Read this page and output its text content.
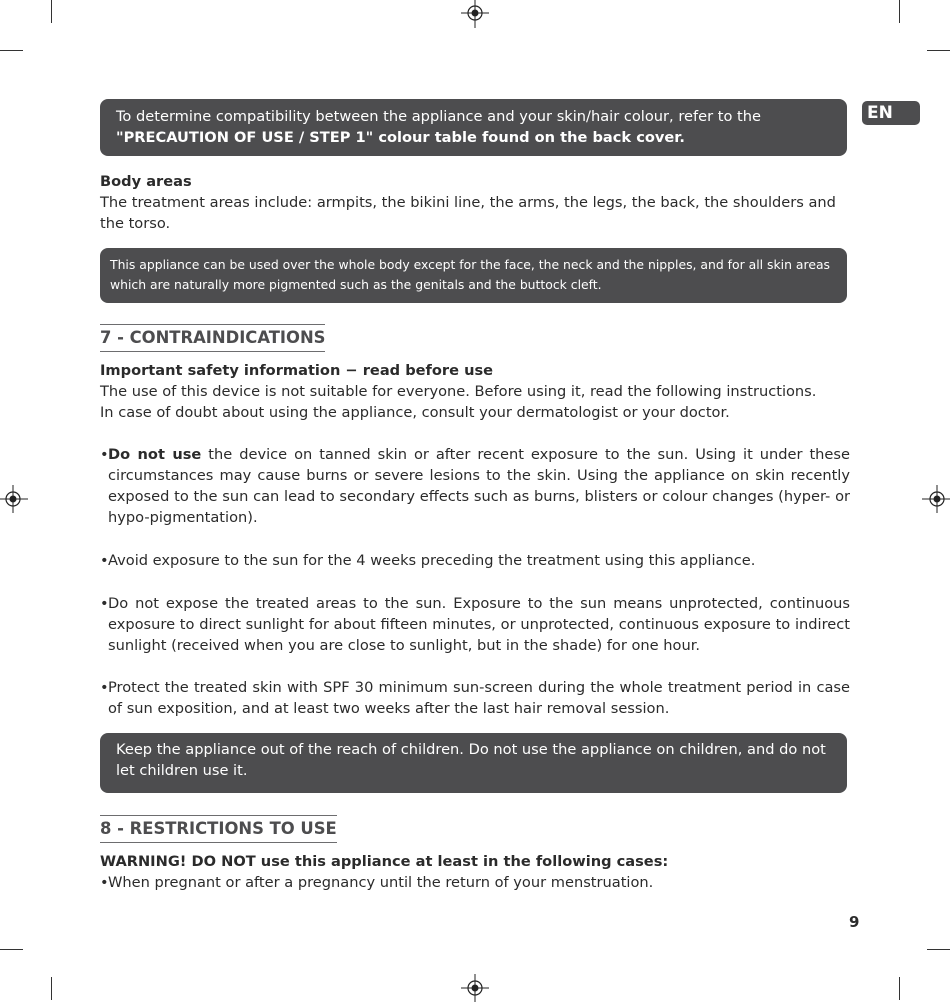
EN

To determine compatibility between the appliance and your skin/hair colour, refer to the

"PRECAUTION OF USE / STEP 1" colour table found on the back cover.

Body areas

The treatment areas include: armpits, the bikini line, the arms, the legs, the back, the shoulders and the torso.

This appliance can be used over the whole body except for the face, the neck and the nipples, and for all skin areas which are naturally more pigmented such as the genitals and the buttock cleft.

7 - CONTRAINDICATIONS

Important safety information − read before use

The use of this device is not suitable for everyone. Before using it, read the following instructions.

In case of doubt about using the appliance, consult your dermatologist or your doctor.

• Do not use the device on tanned skin or after recent exposure to the sun. Using it under these circumstances may cause burns or severe lesions to the skin. Using the appliance on skin recently exposed to the sun can lead to secondary effects such as burns, blisters or colour changes (hyper- or hypo-pigmentation).
• Avoid exposure to the sun for the 4 weeks preceding the treatment using this appliance.
• Do not expose the treated areas to the sun. Exposure to the sun means unprotected, continuous exposure to direct sunlight for about fifteen minutes, or unprotected, continuous exposure to indirect sunlight (received when you are close to sunlight, but in the shade) for one hour.
• Protect the treated skin with SPF 30 minimum sun-screen during the whole treatment period in case of sun exposition, and at least two weeks after the last hair removal session.

Keep the appliance out of the reach of children. Do not use the appliance on children, and do not let children use it.

8 - RESTRICTIONS TO USE

WARNING! DO NOT use this appliance at least in the following cases:

• When pregnant or after a pregnancy until the return of your menstruation.
9
